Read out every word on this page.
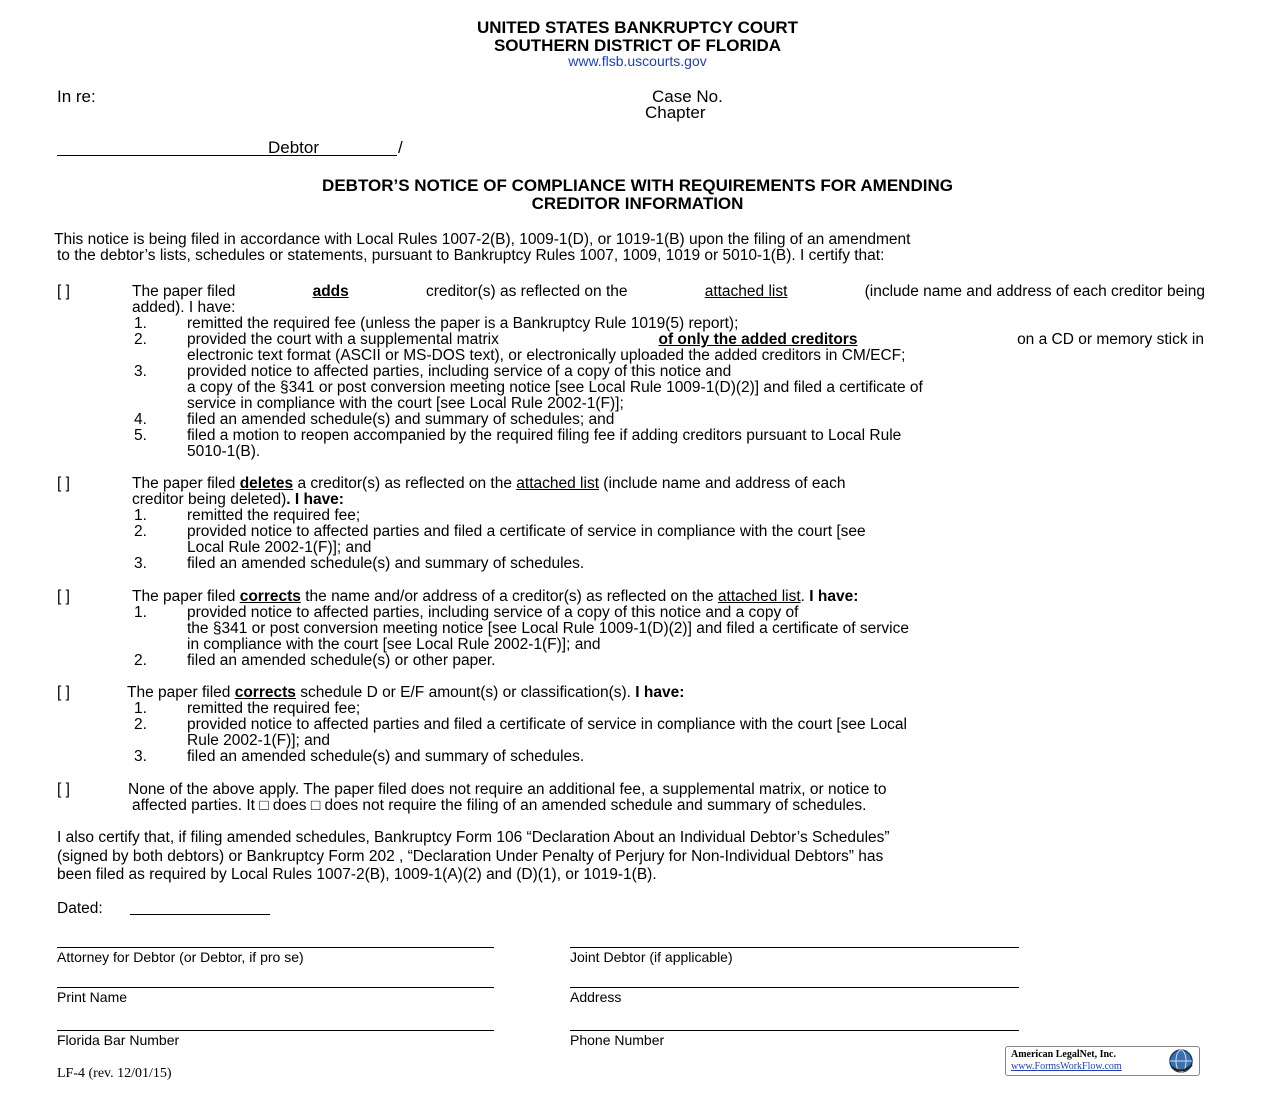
UNITED STATES BANKRUPTCY COURT
SOUTHERN DISTRICT OF FLORIDA
www.flsb.uscourts.gov
In re:	Case No.
Chapter
Debtor	/
DEBTOR’S NOTICE OF COMPLIANCE WITH REQUIREMENTS FOR AMENDING
CREDITOR INFORMATION
This notice is being filed in accordance with Local Rules 1007-2(B), 1009-1(D), or 1019-1(B) upon the filing of an amendment
to the debtor’s lists, schedules or statements, pursuant to Bankruptcy Rules 1007, 1009, 1019 or 5010-1(B). I certify that:
[ ]	The paper filed	adds	creditor(s) as reflected on the	attached list	(include name and address of each creditor being
added). I have:
1.	remitted the required fee (unless the paper is a Bankruptcy Rule 1019(5) report);
2.	provided the court with a supplemental matrix	of only the added creditors	on a CD or memory stick in
electronic text format (ASCII or MS-DOS text), or electronically uploaded the added creditors in CM/ECF;
3.	provided notice to affected parties, including service of a copy of this notice and
a copy of the §341 or post conversion meeting notice [see Local Rule 1009-1(D)(2)] and filed a certificate of
service in compliance with the court [see Local Rule 2002-1(F)];
4.	filed an amended schedule(s) and summary of schedules; and
5.	filed a motion to reopen accompanied by the required filing fee if adding creditors pursuant to Local Rule
5010-1(B).
[ ]	The paper filed deletes a creditor(s) as reflected on the attached list (include name and address of each
creditor being deleted). I have:
1.	remitted the required fee;
2.	provided notice to affected parties and filed a certificate of service in compliance with the court [see
Local Rule 2002-1(F)]; and
3.	filed an amended schedule(s) and summary of schedules.
[ ]	The paper filed corrects the name and/or address of a creditor(s) as reflected on the attached list. I have:
1.	provided notice to affected parties, including service of a copy of this notice and a copy of
the §341 or post conversion meeting notice [see Local Rule 1009-1(D)(2)] and filed a certificate of service
in compliance with the court [see Local Rule 2002-1(F)]; and
2.	filed an amended schedule(s) or other paper.
[ ]	The paper filed corrects schedule D or E/F amount(s) or classification(s). I have:
1.	remitted the required fee;
2.	provided notice to affected parties and filed a certificate of service in compliance with the court [see Local
Rule 2002-1(F)]; and
3.	filed an amended schedule(s) and summary of schedules.
[ ]	None of the above apply. The paper filed does not require an additional fee, a supplemental matrix, or notice to
affected parties. It □ does □ does not require the filing of an amended schedule and summary of schedules.
I also certify that, if filing amended schedules, Bankruptcy Form 106 “Declaration About an Individual Debtor’s Schedules”
(signed by both debtors) or Bankruptcy Form 202 , “Declaration Under Penalty of Perjury for Non-Individual Debtors” has
been filed as required by Local Rules 1007-2(B), 1009-1(A)(2) and (D)(1), or 1019-1(B).
Dated:
Attorney for Debtor (or Debtor, if pro se)	Joint Debtor (if applicable)
Print Name	Address
Florida Bar Number	Phone Number
LF-4 (rev. 12/01/15)
American LegalNet, Inc.
www.FormsWorkFlow.com
